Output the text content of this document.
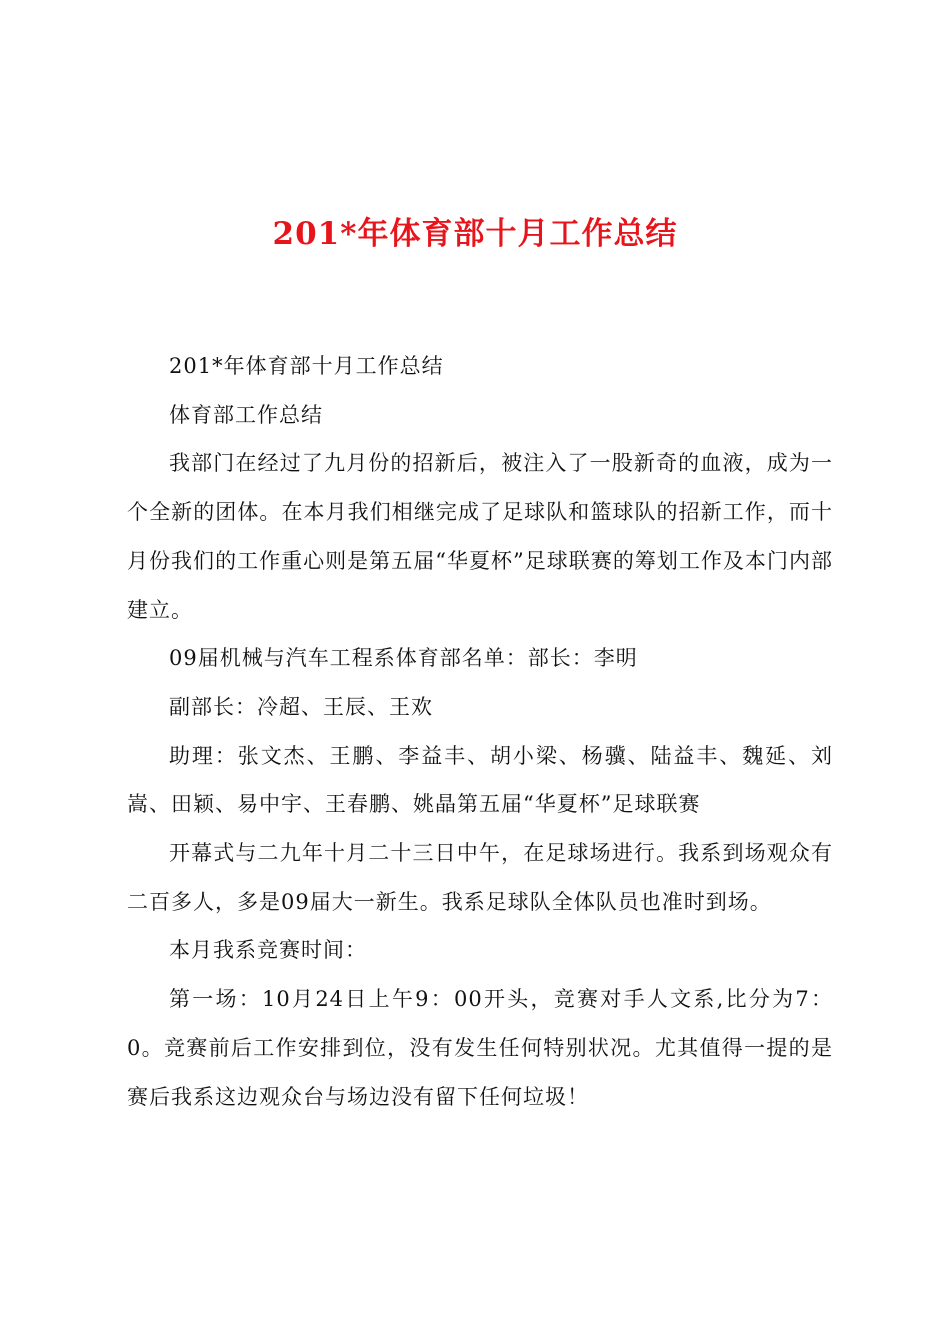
201*年体育部十月工作总结

201*年体育部十月工作总结

体育部工作总结

我部门在经过了九月份的招新后，被注入了一股新奇的血液，成为一个全新的团体。在本月我们相继完成了足球队和篮球队的招新工作，而十月份我们的工作重心则是第五届“华夏杯”足球联赛的筹划工作及本门内部建立。

09届机械与汽车工程系体育部名单：部长：李明

副部长：冷超、王辰、王欢

助理：张文杰、王鹏、李益丰、胡小梁、杨骥、陆益丰、魏延、刘嵩、田颖、易中宇、王春鹏、姚晶第五届“华夏杯”足球联赛

开幕式与二九年十月二十三日中午，在足球场进行。我系到场观众有二百多人，多是09届大一新生。我系足球队全体队员也准时到场。

本月我系竞赛时间：

第一场：10月24日上午9：00开头，竞赛对手人文系,比分为7：0。竞赛前后工作安排到位，没有发生任何特别状况。尤其值得一提的是赛后我系这边观众台与场边没有留下任何垃圾！
